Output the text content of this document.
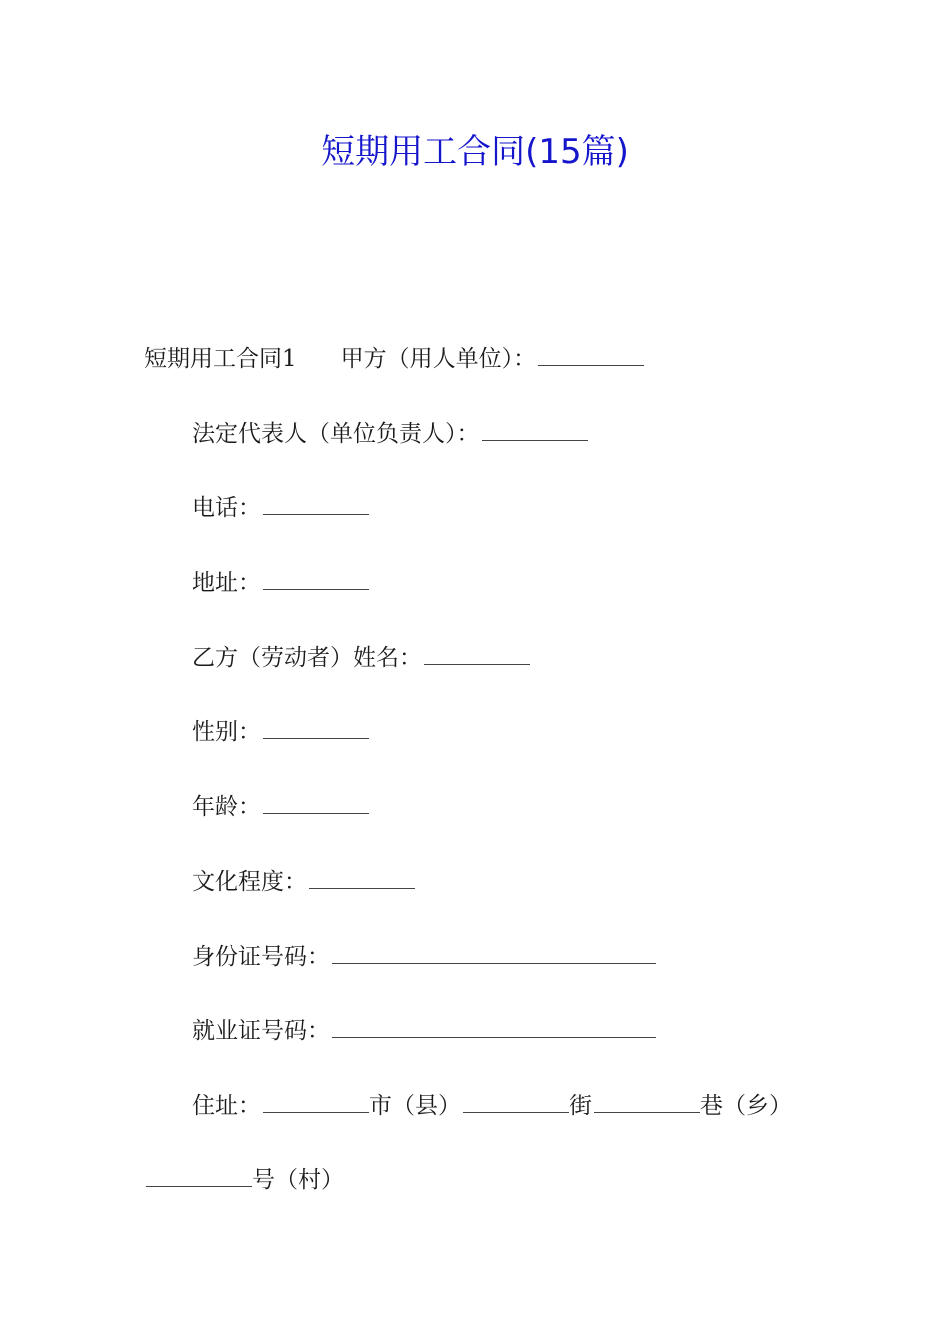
短期用工合同(15篇)
短期用工合同1 甲方（用人单位）：
法定代表人（单位负责人）：
电话：
地址：
乙方（劳动者）姓名：
性别：
年龄：
文化程度：
身份证号码：
就业证号码：
住址：	市（县）	街	巷（乡）
号（村）
